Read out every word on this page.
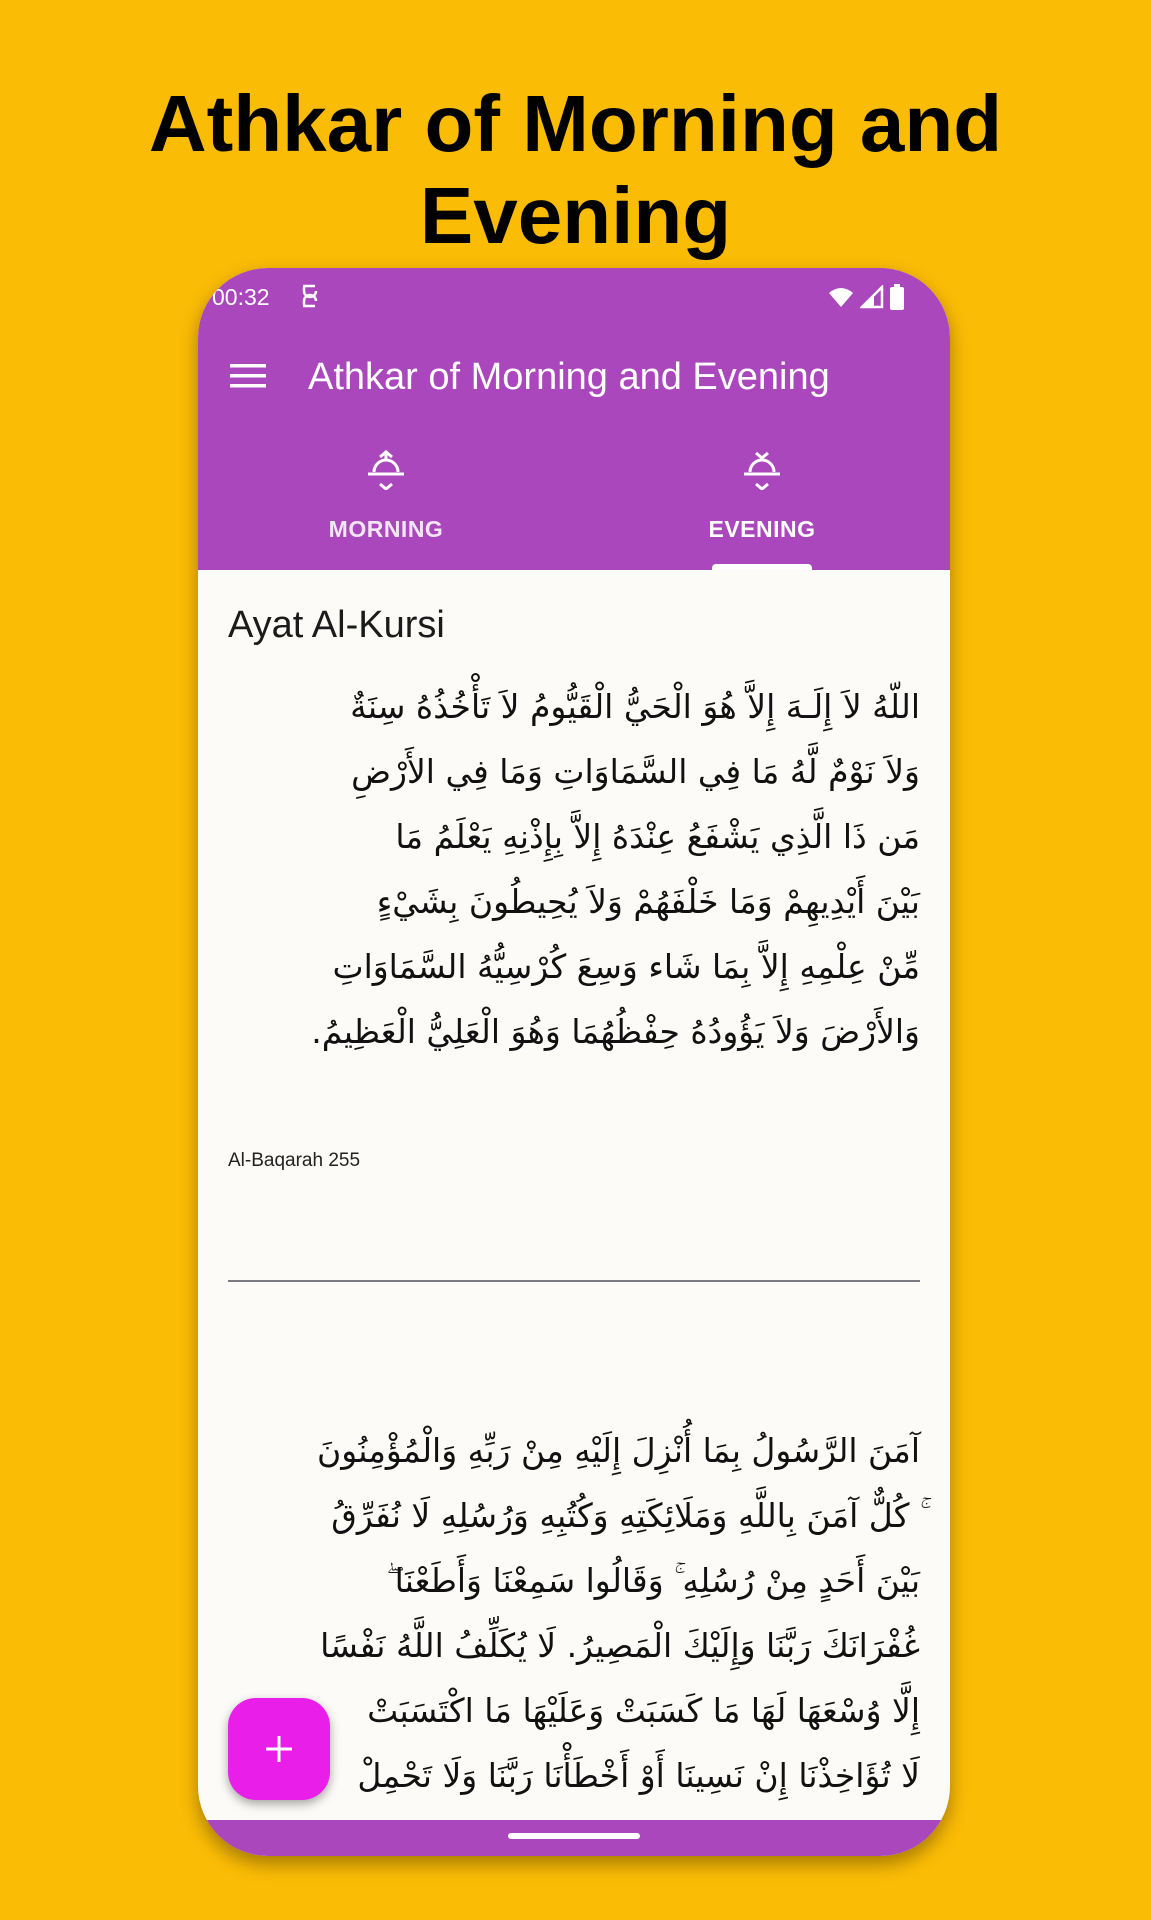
Athkar of Morning and Evening
00:32
Athkar of Morning and Evening
MORNING	EVENING
Ayat Al-Kursi
اللّهُ لاَ إِلَـهَ إِلاَّ هُوَ الْحَيُّ الْقَيُّومُ لاَ تَأْخُذُهُ سِنَةٌ
وَلاَ نَوْمٌ لَّهُ مَا فِي السَّمَاوَاتِ وَمَا فِي الأَرْضِ
مَن ذَا الَّذِي يَشْفَعُ عِنْدَهُ إِلاَّ بِإِذْنِهِ يَعْلَمُ مَا
بَيْنَ أَيْدِيهِمْ وَمَا خَلْفَهُمْ وَلاَ يُحِيطُونَ بِشَيْءٍ
مِّنْ عِلْمِهِ إِلاَّ بِمَا شَاء وَسِعَ كُرْسِيُّهُ السَّمَاوَاتِ
وَالأَرْضَ وَلاَ يَؤُودُهُ حِفْظُهُمَا وَهُوَ الْعَلِيُّ الْعَظِيمُ.
Al-Baqarah 255
آمَنَ الرَّسُولُ بِمَا أُنْزِلَ إِلَيْهِ مِنْ رَبِّهِ وَالْمُؤْمِنُونَ
ۚ كُلٌّ آمَنَ بِاللَّهِ وَمَلَائِكَتِهِ وَكُتُبِهِ وَرُسُلِهِ لَا نُفَرِّقُ
بَيْنَ أَحَدٍ مِنْ رُسُلِهِ ۚ وَقَالُوا سَمِعْنَا وَأَطَعْنَا ۖ
غُفْرَانَكَ رَبَّنَا وَإِلَيْكَ الْمَصِيرُ. لَا يُكَلِّفُ اللَّهُ نَفْسًا
إِلَّا وُسْعَهَا لَهَا مَا كَسَبَتْ وَعَلَيْهَا مَا اكْتَسَبَتْ
لَا تُؤَاخِذْنَا إِنْ نَسِينَا أَوْ أَخْطَأْنَا رَبَّنَا وَلَا تَحْمِلْ
